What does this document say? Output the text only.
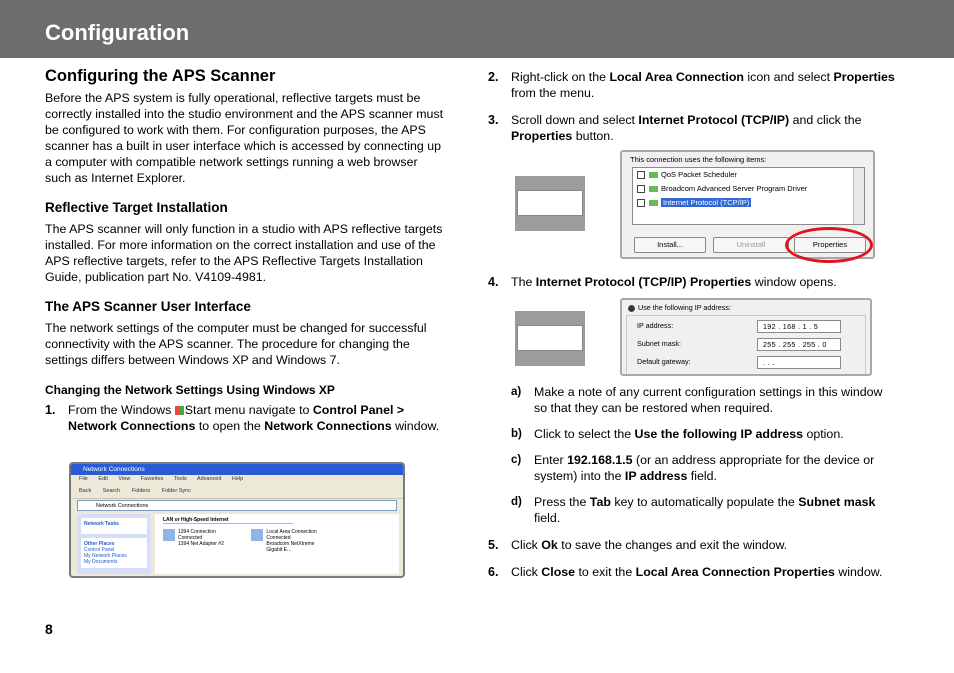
Configuration
Configuring the APS Scanner

Before the APS system is fully operational, reflective targets must be correctly installed into the studio environment and the APS scanner must be configured to work with them. For configuration purposes, the APS scanner has a built in user interface which is accessed by connecting up a computer with compatible network settings running a web browser such as Internet Explorer.

Reflective Target Installation

The APS scanner will only function in a studio with APS reflective targets installed. For more information on the correct installation and use of the APS reflective targets, refer to the APS Reflective Targets Installation Guide, publication part No. V4109-4981.

The APS Scanner User Interface

The network settings of the computer must be changed for successful connectivity with the APS scanner. The procedure for changing the settings differs between Windows XP and Windows 7.

Changing the Network Settings Using Windows XP
1. From the Windows Start menu navigate to Control Panel > Network Connections to open the Network Connections window.
Network Connections
File Edit View Favorites Tools Advanced Help
Back Search Folders Folder Sync
Network Connections
Network Tasks
Other Places
Control Panel
My Network Places
My Documents
LAN or High-Speed Internet
1394 Connection
Connected
1394 Net Adapter #2 Local Area Connection
Connected
Broadcom NetXtreme Gigabit E...
2. Right-click on the Local Area Connection icon and select Properties from the menu.
3. Scroll down and select Internet Protocol (TCP/IP) and click the Properties button.
4. The Internet Protocol (TCP/IP) Properties window opens.
a) Make a note of any current configuration settings in this window so that they can be restored when required.
b) Click to select the Use the following IP address option.
c) Enter 192.168.1.5 (or an address appropriate for the device or system) into the IP address field.
d) Press the Tab key to automatically populate the Subnet mask field.
5. Click Ok to save the changes and exit the window.
6. Click Close to exit the Local Area Connection Properties window.
This connection uses the following items:
QoS Packet Scheduler
Broadcom Advanced Server Program Driver
Internet Protocol (TCP/IP)
Install...	Uninstall	Properties
Use the following IP address:
IP address:	192 . 168 . 1 . 5
Subnet mask:	255 . 255 . 255 . 0
Default gateway:	. . .
8
